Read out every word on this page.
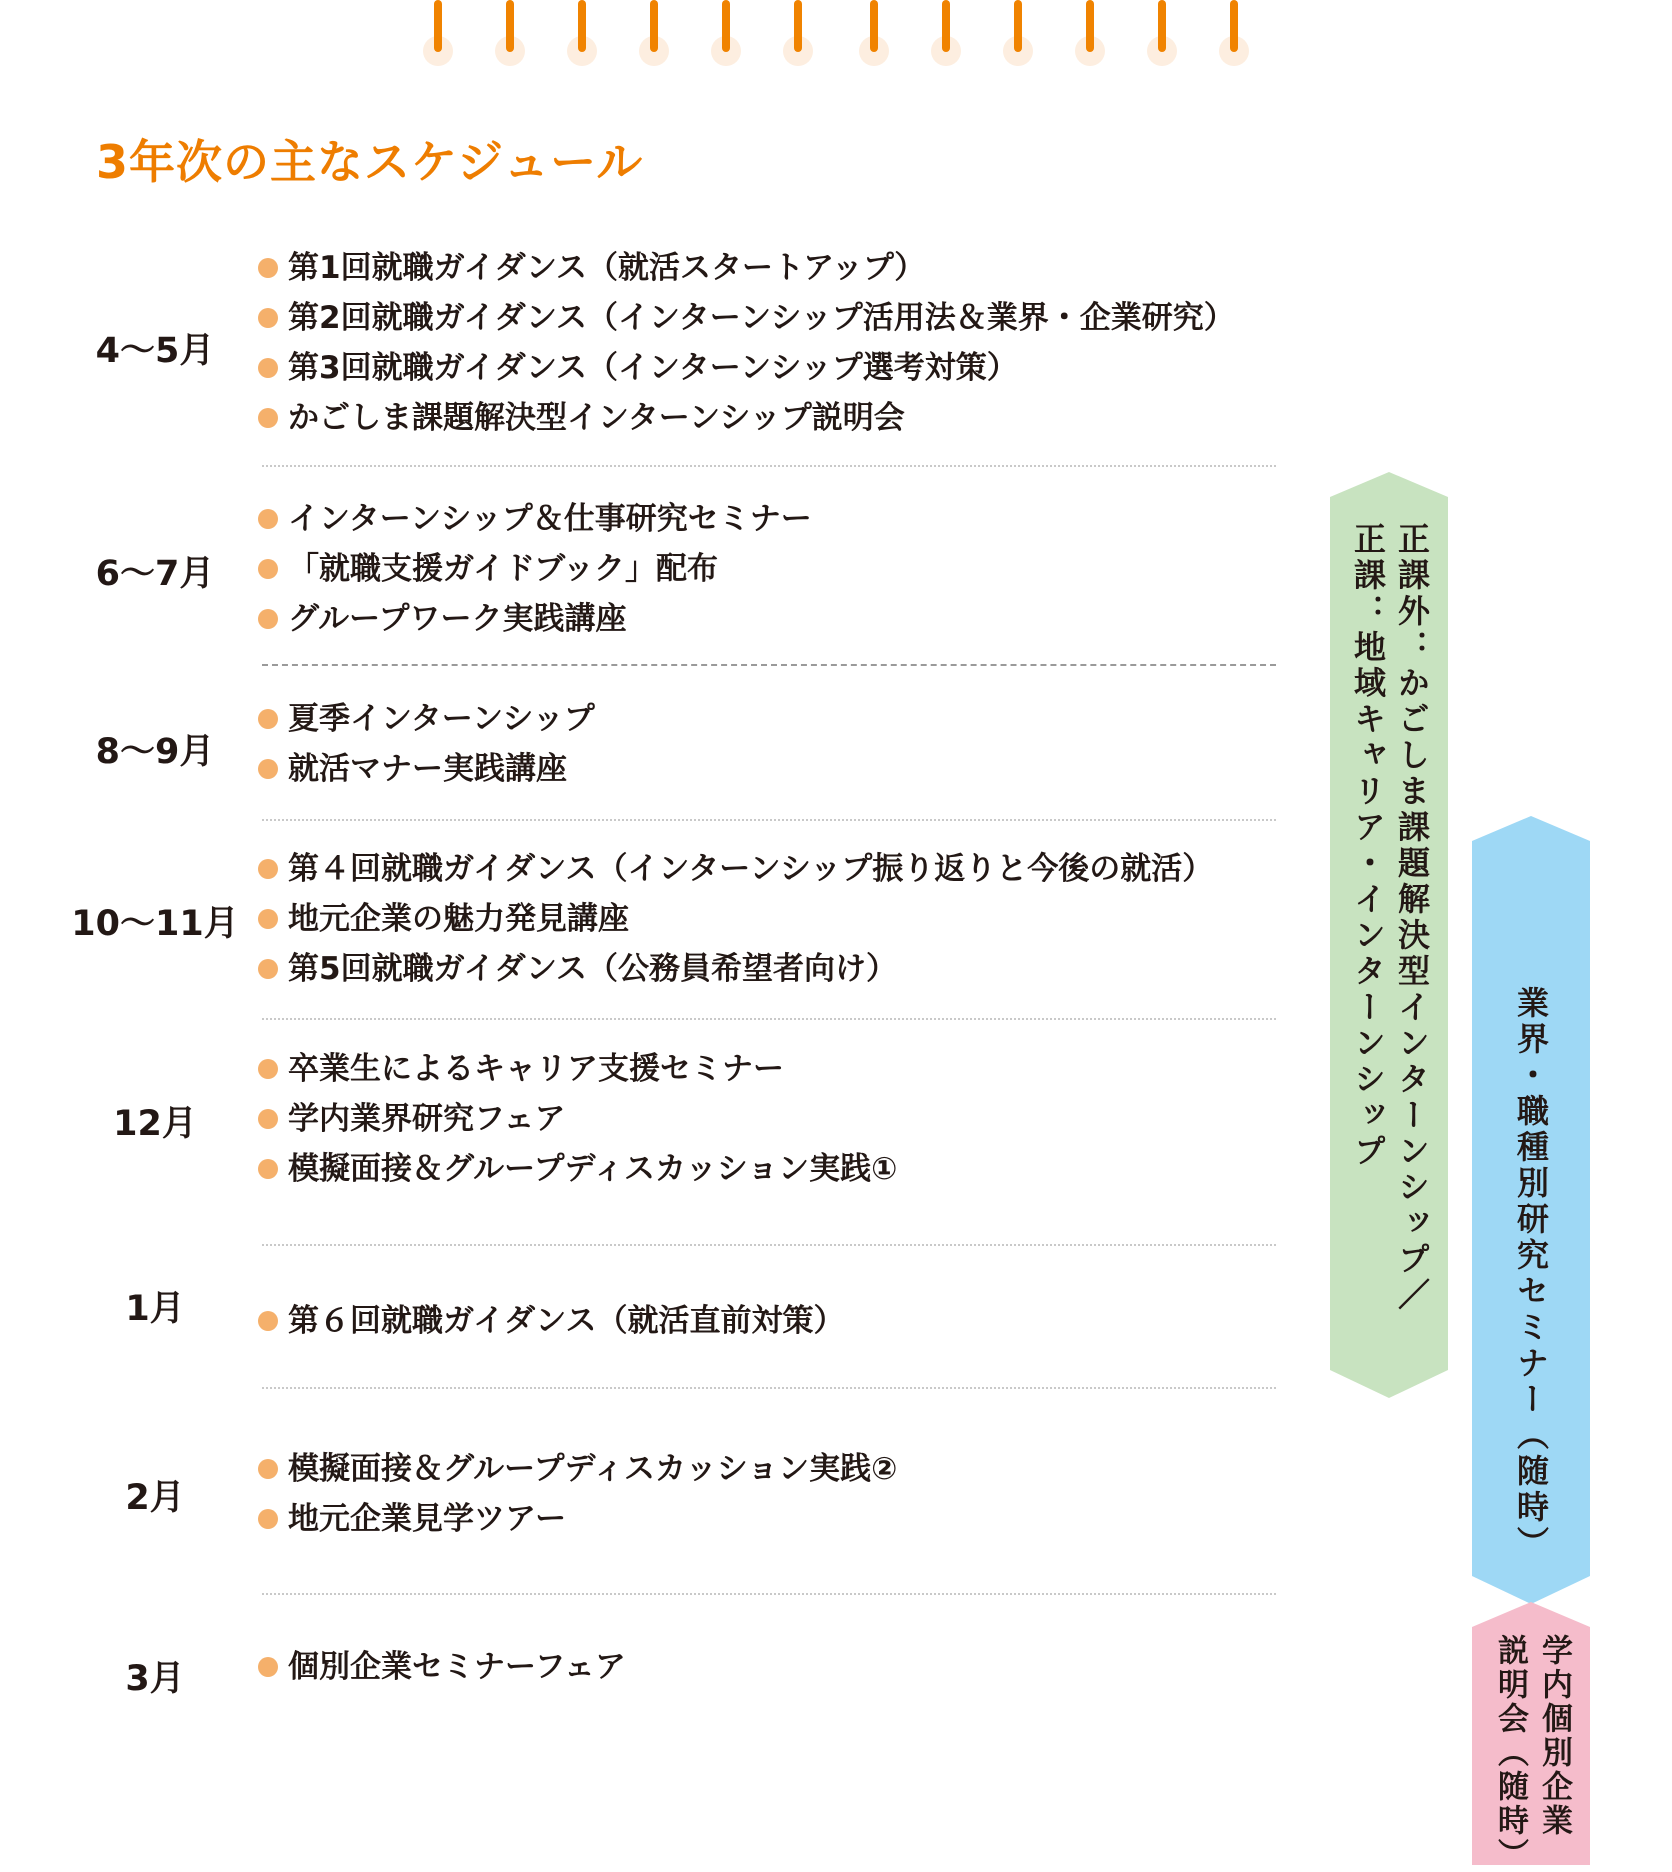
3年次の主なスケジュール
4〜5月
第1回就職ガイダンス（就活スタートアップ）
第2回就職ガイダンス（インターンシップ活用法＆業界・企業研究）
第3回就職ガイダンス（インターンシップ選考対策）
かごしま課題解決型インターンシップ説明会
6〜7月
インターンシップ＆仕事研究セミナー
「就職支援ガイドブック」配布
グループワーク実践講座
8〜9月
夏季インターンシップ
就活マナー実践講座
10〜11月
第４回就職ガイダンス（インターンシップ振り返りと今後の就活）
地元企業の魅力発見講座
第5回就職ガイダンス（公務員希望者向け）
12月
卒業生によるキャリア支援セミナー
学内業界研究フェア
模擬面接＆グループディスカッション実践①
1月	第６回就職ガイダンス（就活直前対策）
2月
模擬面接＆グループディスカッション実践②
地元企業見学ツアー
3月	個別企業セミナーフェア
正課外：かごしま課題解決型インターンシップ／
正課：地域キャリア・インターンシップ
業界・職種別研究セミナー（随時）
学内個別企業
説明会（随時）
